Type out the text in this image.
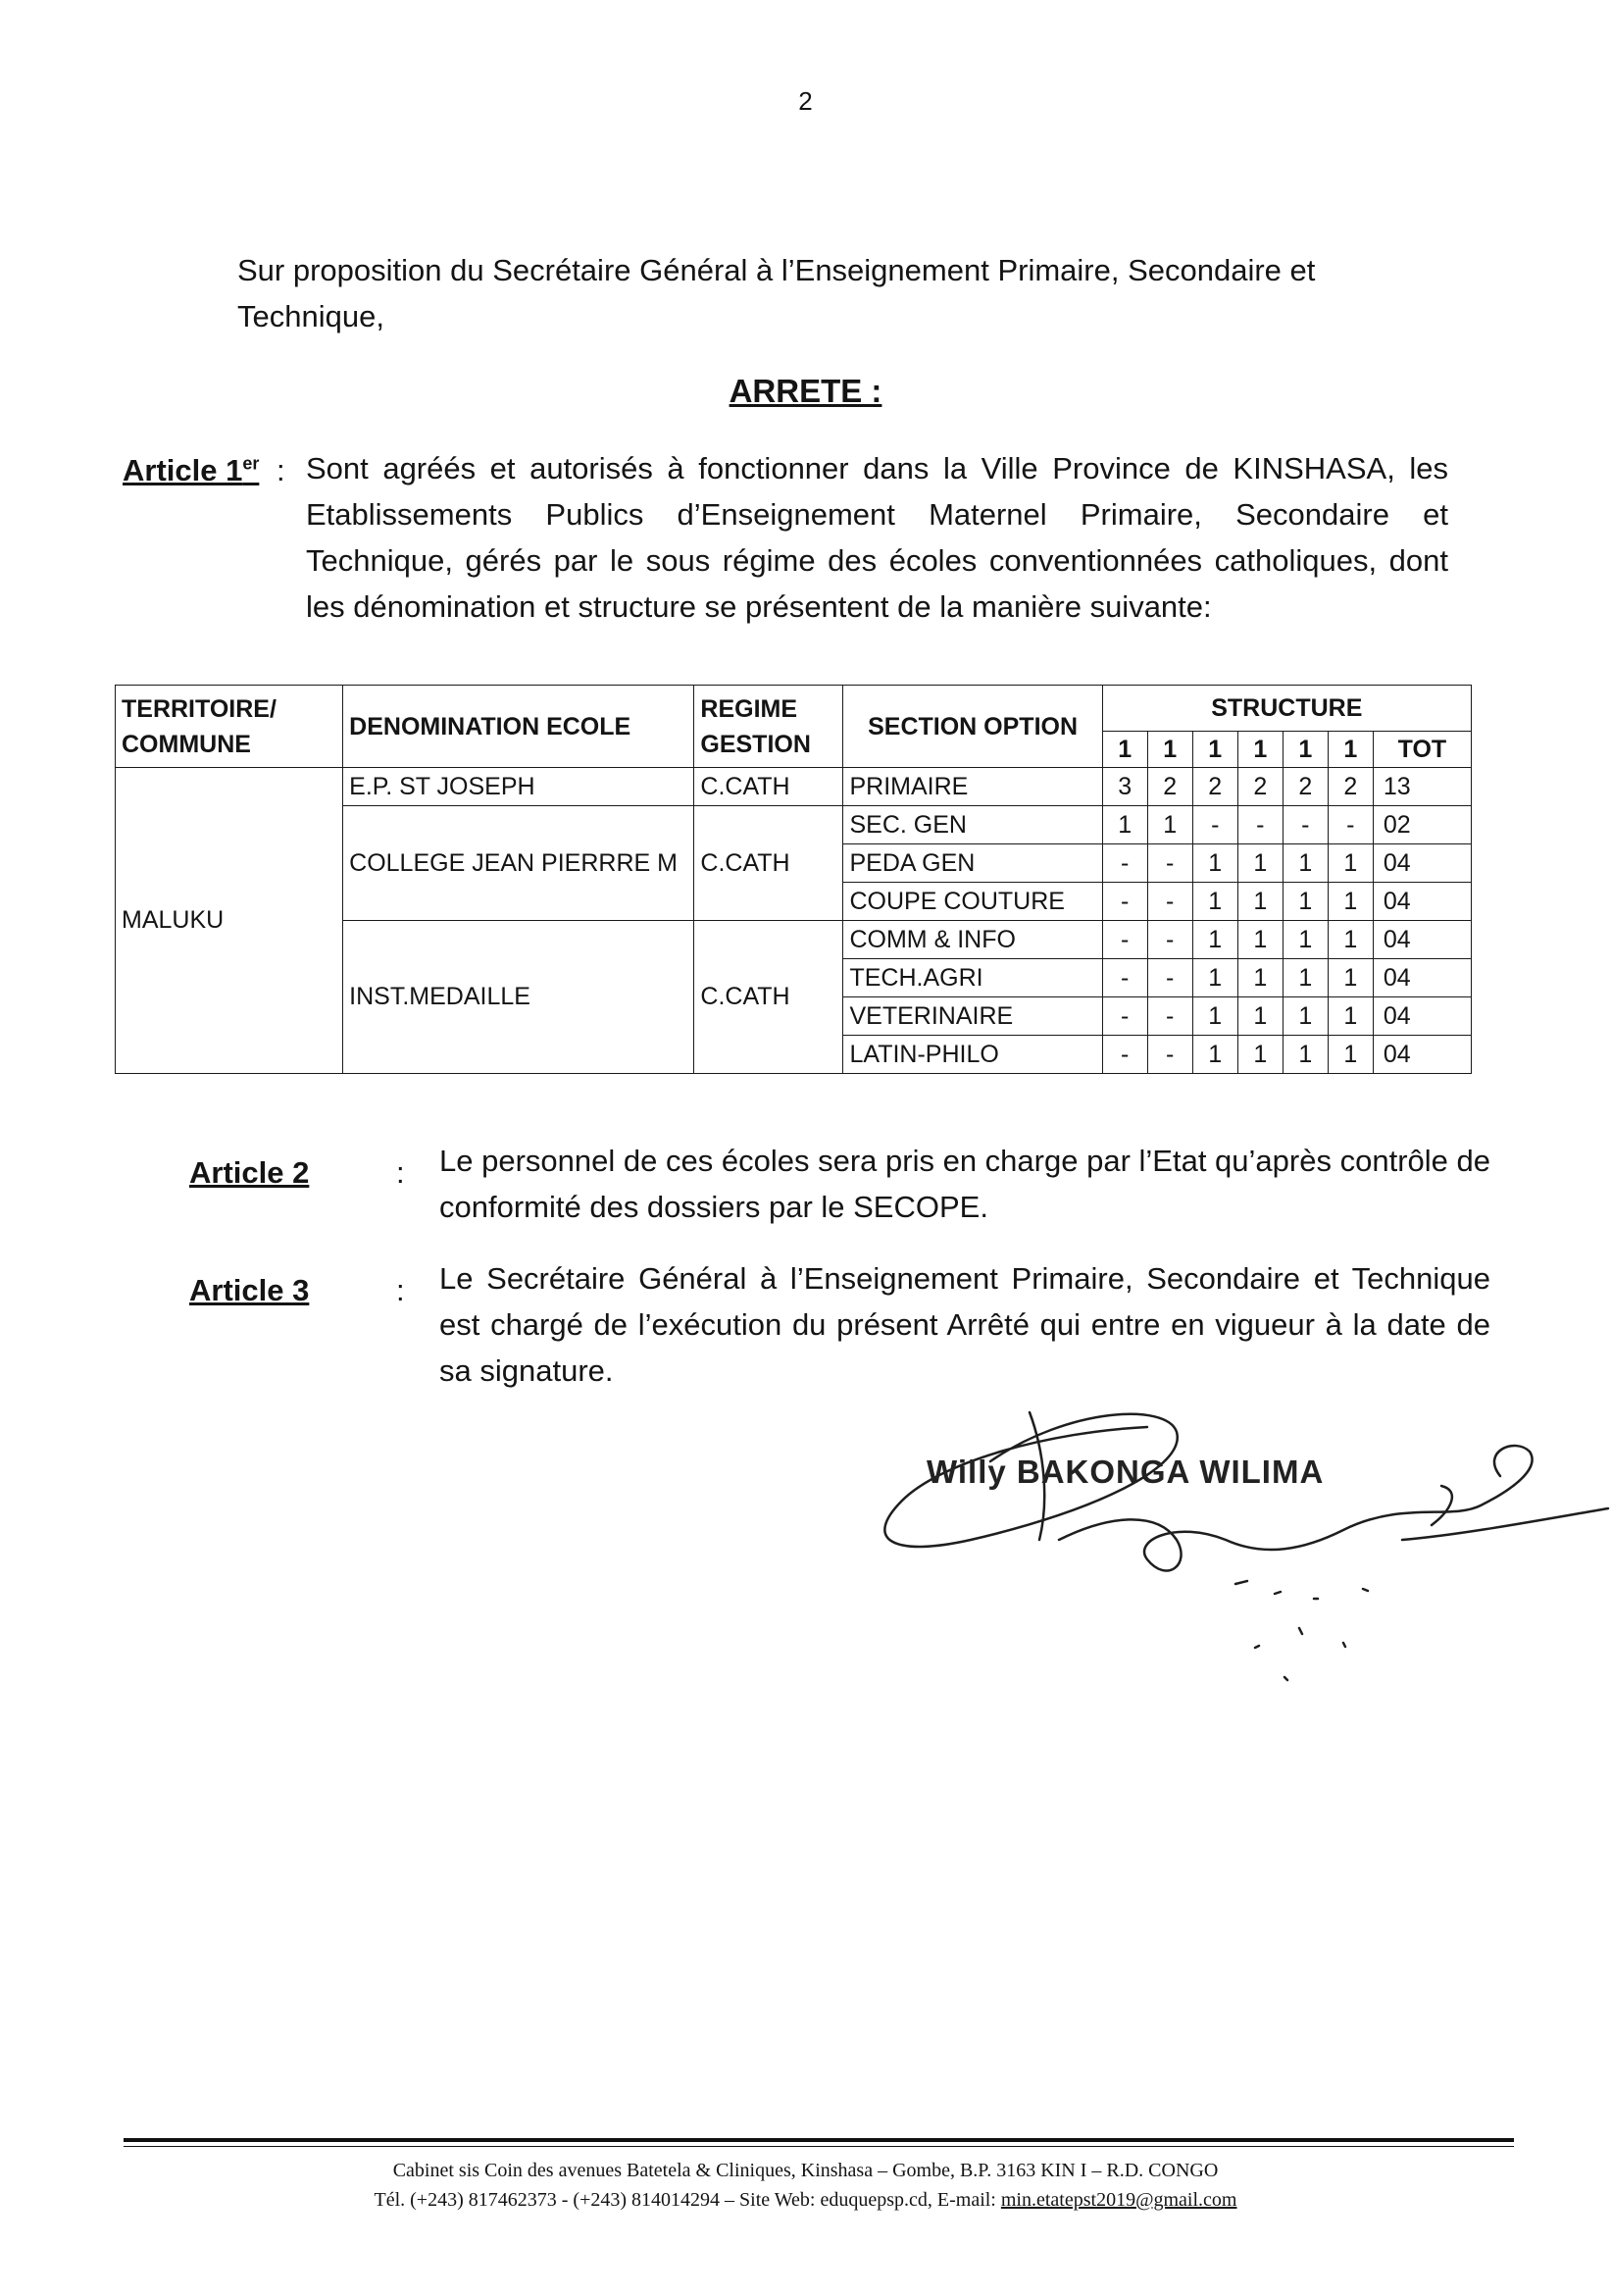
2
Sur proposition du Secrétaire Général à l’Enseignement Primaire, Secondaire et Technique,
ARRETE :
Article 1er : Sont agréés et autorisés à fonctionner dans la Ville Province de KINSHASA, les Etablissements Publics d’Enseignement Maternel Primaire, Secondaire et Technique, gérés par le sous régime des écoles conventionnées catholiques, dont les dénomination et structure se présentent de la manière suivante:
TERRITOIRE/ COMMUNE	DENOMINATION ECOLE	REGIME GESTION	SECTION OPTION	STRUCTURE						
				1	1	1	1	1	1	TOT
MALUKU	E.P. ST JOSEPH	C.CATH	PRIMAIRE	3	2	2	2	2	2	13
	COLLEGE JEAN PIERRRE M	C.CATH	SEC. GEN	1	1	-	-	-	-	02
			PEDA GEN	-	-	1	1	1	1	04
			COUPE COUTURE	-	-	1	1	1	1	04
	INST.MEDAILLE	C.CATH	COMM & INFO	-	-	1	1	1	1	04
			TECH.AGRI	-	-	1	1	1	1	04
			VETERINAIRE	-	-	1	1	1	1	04
			LATIN-PHILO	-	-	1	1	1	1	04
Article 2	: Le personnel de ces écoles sera pris en charge par l’Etat qu’après contrôle de conformité des dossiers par le SECOPE.
Article 3	: Le Secrétaire Général à l’Enseignement Primaire, Secondaire et Technique est chargé de l’exécution du présent Arrêté qui entre en vigueur à la date de sa signature.
Willy BAKONGA WILIMA
Cabinet sis Coin des avenues Batetela & Cliniques, Kinshasa – Gombe, B.P. 3163 KIN I – R.D. CONGO
Tél. (+243) 817462373 - (+243) 814014294 – Site Web: eduquepsp.cd, E-mail: min.etatepst2019@gmail.com
